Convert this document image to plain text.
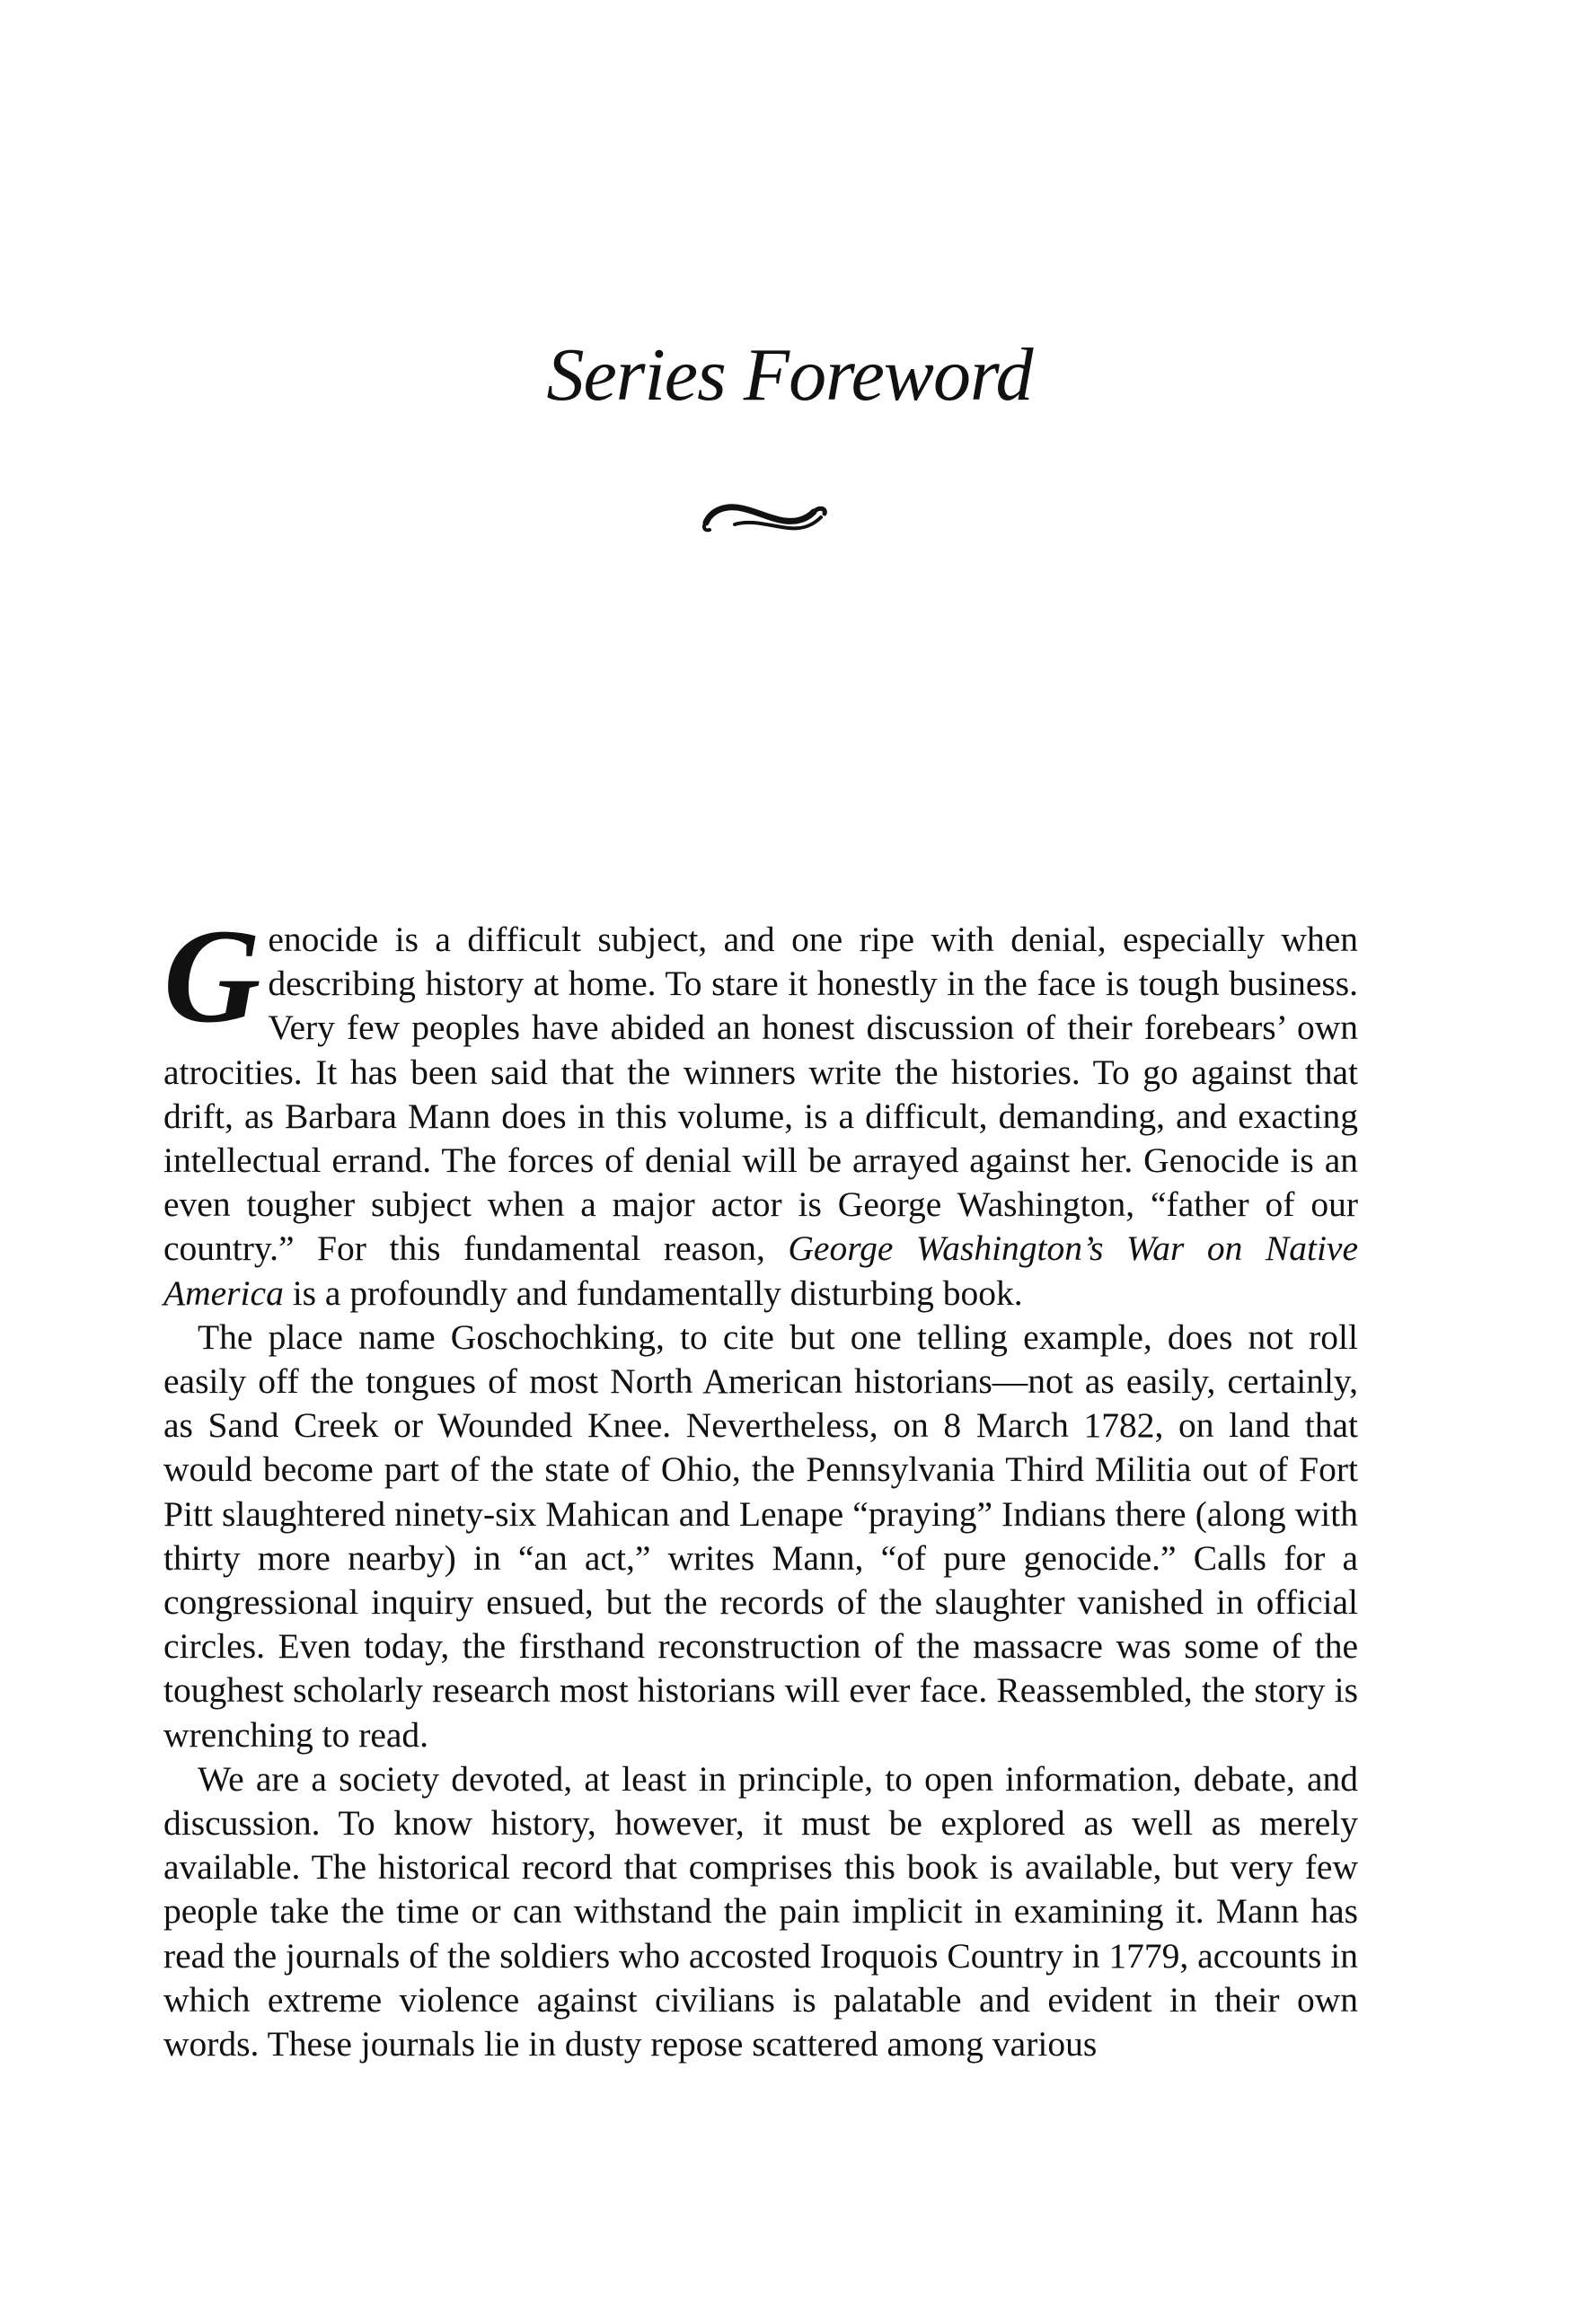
Series Foreword

Genocide is a difficult subject, and one ripe with denial, especially when describing history at home. To stare it honestly in the face is tough business. Very few peoples have abided an honest discussion of their forebears’ own atrocities. It has been said that the winners write the histories. To go against that drift, as Barbara Mann does in this volume, is a difficult, demanding, and exacting intellectual errand. The forces of denial will be arrayed against her. Genocide is an even tougher subject when a major actor is George Washington, “father of our country.” For this fundamental reason, George Washington’s War on Native America is a profoundly and fundamentally disturbing book.

The place name Goschochking, to cite but one telling example, does not roll easily off the tongues of most North American historians—not as easily, certainly, as Sand Creek or Wounded Knee. Nevertheless, on 8 March 1782, on land that would become part of the state of Ohio, the Pennsylvania Third Militia out of Fort Pitt slaughtered ninety-six Mahican and Lenape “praying” Indians there (along with thirty more nearby) in “an act,” writes Mann, “of pure genocide.” Calls for a congressional inquiry ensued, but the records of the slaughter vanished in official circles. Even today, the firsthand reconstruction of the massacre was some of the toughest scholarly research most historians will ever face. Reassembled, the story is wrenching to read.

We are a society devoted, at least in principle, to open information, debate, and discussion. To know history, however, it must be explored as well as merely available. The historical record that comprises this book is available, but very few people take the time or can withstand the pain implicit in examining it. Mann has read the journals of the soldiers who accosted Iroquois Country in 1779, accounts in which extreme violence against civilians is palatable and evident in their own words. These journals lie in dusty repose scattered among various
